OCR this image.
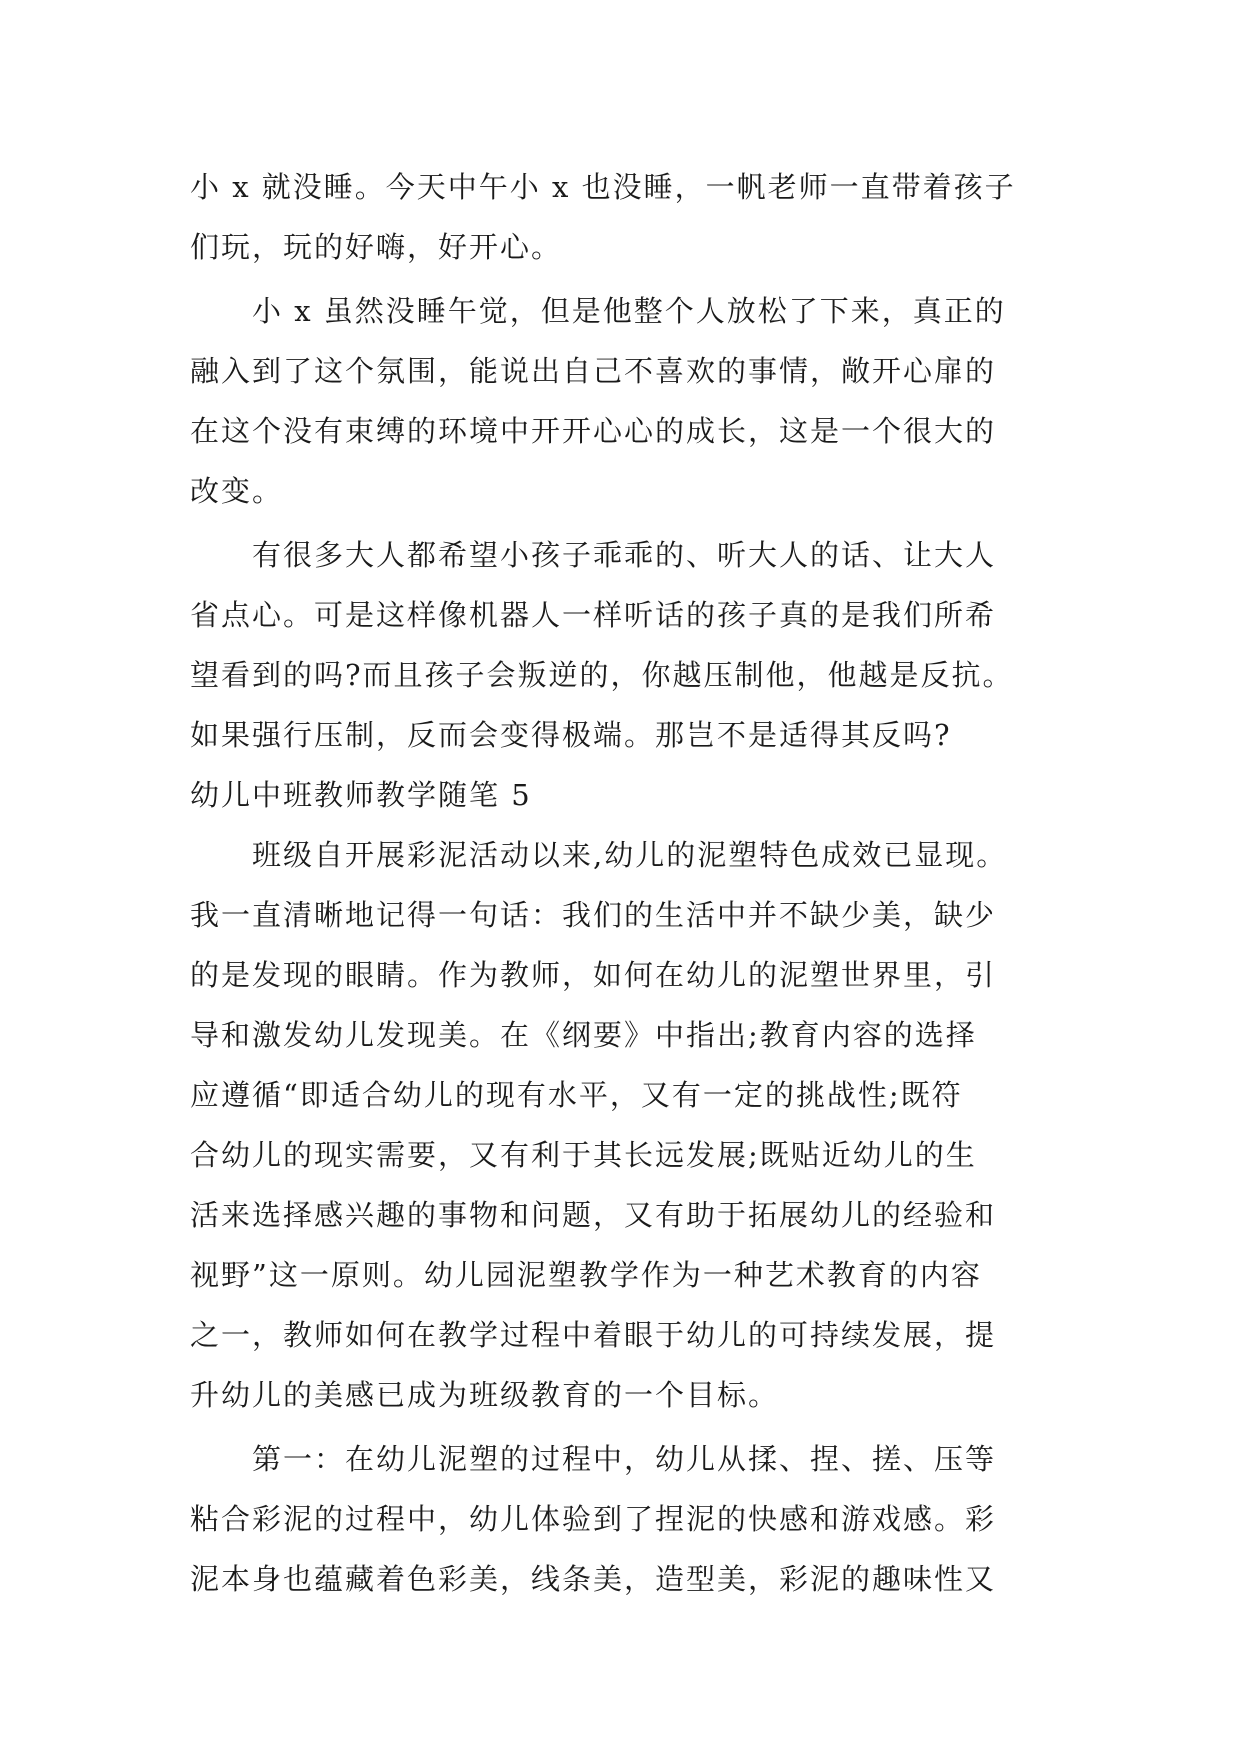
小 x 就没睡。今天中午小 x 也没睡，一帆老师一直带着孩子
们玩，玩的好嗨，好开心。
小 x 虽然没睡午觉，但是他整个人放松了下来，真正的
融入到了这个氛围，能说出自己不喜欢的事情，敞开心扉的
在这个没有束缚的环境中开开心心的成长，这是一个很大的
改变。
有很多大人都希望小孩子乖乖的、听大人的话、让大人
省点心。可是这样像机器人一样听话的孩子真的是我们所希
望看到的吗?而且孩子会叛逆的，你越压制他，他越是反抗。
如果强行压制，反而会变得极端。那岂不是适得其反吗?
幼儿中班教师教学随笔 5
班级自开展彩泥活动以来,幼儿的泥塑特色成效已显现。
我一直清晰地记得一句话：我们的生活中并不缺少美，缺少
的是发现的眼睛。作为教师，如何在幼儿的泥塑世界里，引
导和激发幼儿发现美。在《纲要》中指出;教育内容的选择
应遵循“即适合幼儿的现有水平，又有一定的挑战性;既符
合幼儿的现实需要，又有利于其长远发展;既贴近幼儿的生
活来选择感兴趣的事物和问题，又有助于拓展幼儿的经验和
视野”这一原则。幼儿园泥塑教学作为一种艺术教育的内容
之一，教师如何在教学过程中着眼于幼儿的可持续发展，提
升幼儿的美感已成为班级教育的一个目标。
第一：在幼儿泥塑的过程中，幼儿从揉、捏、搓、压等
粘合彩泥的过程中，幼儿体验到了捏泥的快感和游戏感。彩
泥本身也蕴藏着色彩美，线条美，造型美，彩泥的趣味性又
